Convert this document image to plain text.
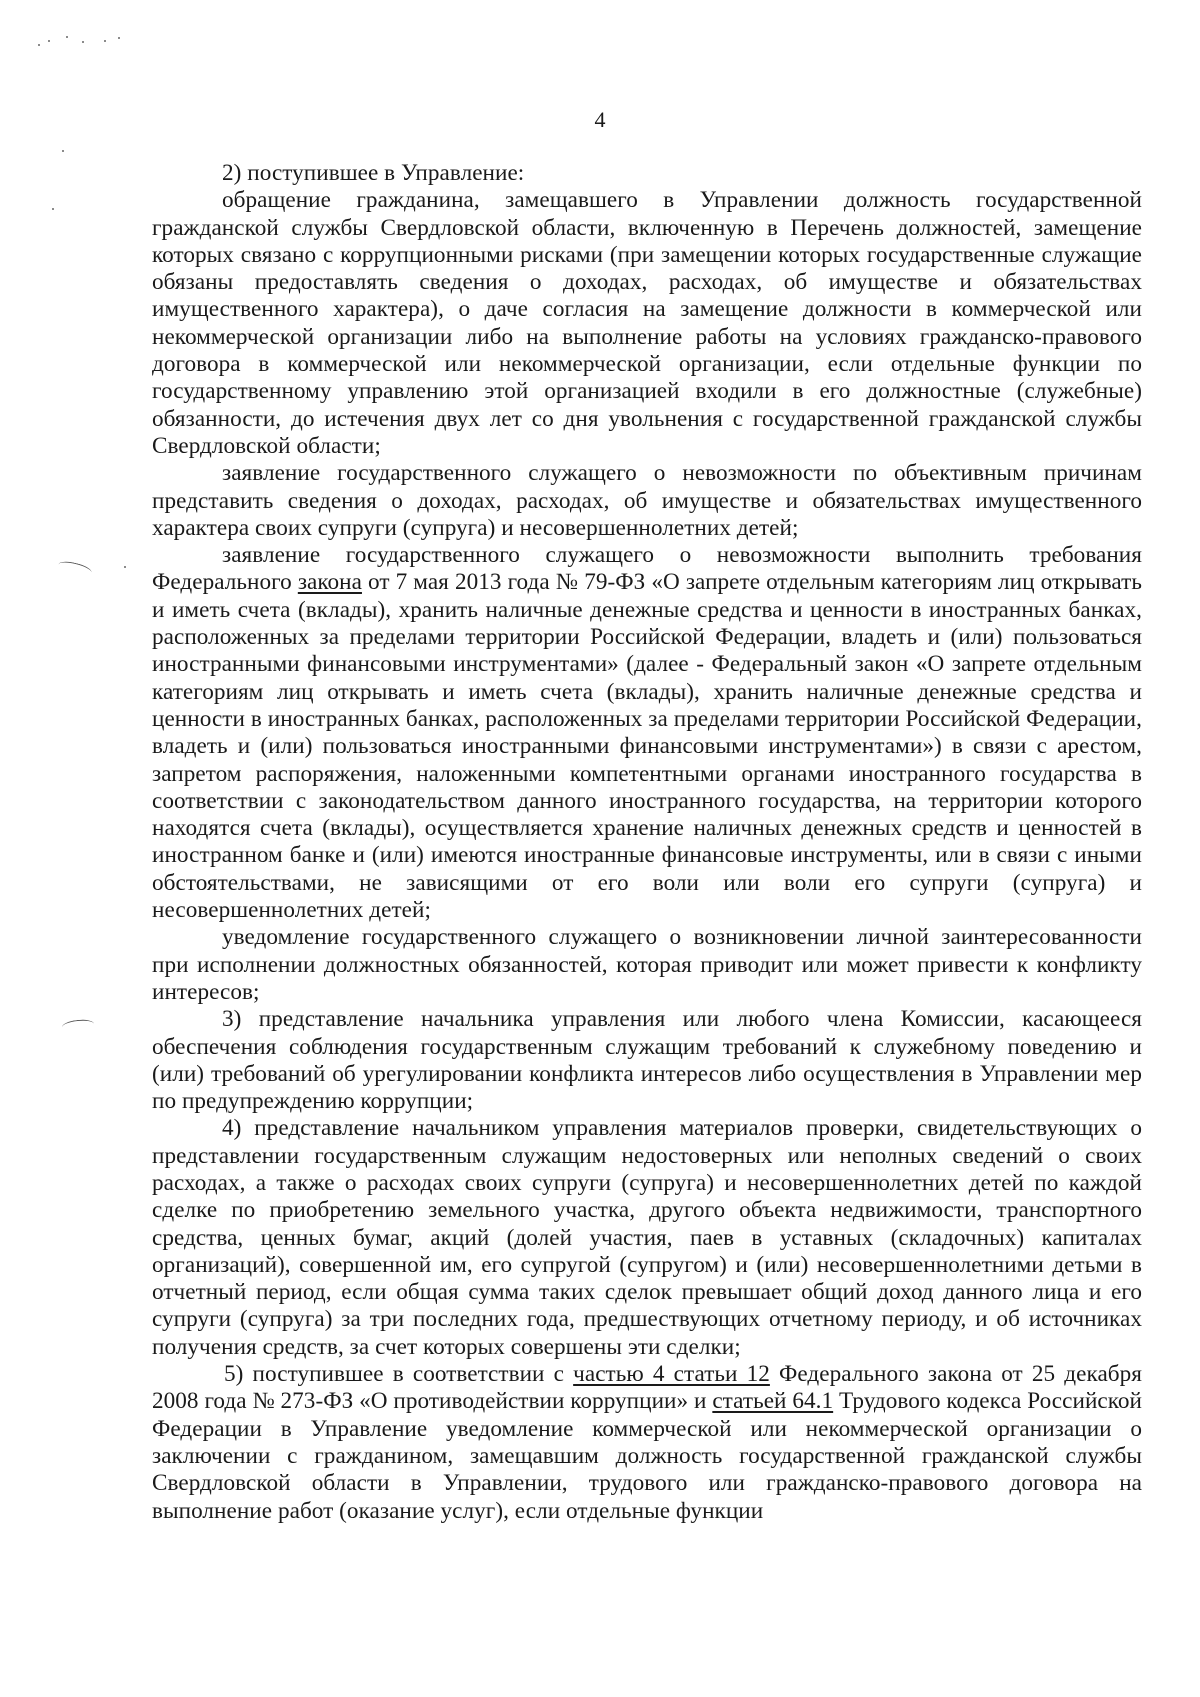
4

2) поступившее в Управление:

обращение гражданина, замещавшего в Управлении должность государственной гражданской службы Свердловской области, включенную в Перечень должностей, замещение которых связано с коррупционными рисками (при замещении которых государственные служащие обязаны предоставлять сведения о доходах, расходах, об имуществе и обязательствах имущественного характера), о даче согласия на замещение должности в коммерческой или некоммерческой организации либо на выполнение работы на условиях гражданско-правового договора в коммерческой или некоммерческой организации, если отдельные функции по государственному управлению этой организацией входили в его должностные (служебные) обязанности, до истечения двух лет со дня увольнения с государственной гражданской службы Свердловской области;

заявление государственного служащего о невозможности по объективным причинам представить сведения о доходах, расходах, об имуществе и обязательствах имущественного характера своих супруги (супруга) и несовершеннолетних детей;

заявление государственного служащего о невозможности выполнить требования Федерального закона от 7 мая 2013 года № 79-ФЗ «О запрете отдельным категориям лиц открывать и иметь счета (вклады), хранить наличные денежные средства и ценности в иностранных банках, расположенных за пределами территории Российской Федерации, владеть и (или) пользоваться иностранными финансовыми инструментами» (далее - Федеральный закон «О запрете отдельным категориям лиц открывать и иметь счета (вклады), хранить наличные денежные средства и ценности в иностранных банках, расположенных за пределами территории Российской Федерации, владеть и (или) пользоваться иностранными финансовыми инструментами») в связи с арестом, запретом распоряжения, наложенными компетентными органами иностранного государства в соответствии с законодательством данного иностранного государства, на территории которого находятся счета (вклады), осуществляется хранение наличных денежных средств и ценностей в иностранном банке и (или) имеются иностранные финансовые инструменты, или в связи с иными обстоятельствами, не зависящими от его воли или воли его супруги (супруга) и несовершеннолетних детей;

уведомление государственного служащего о возникновении личной заинтересованности при исполнении должностных обязанностей, которая приводит или может привести к конфликту интересов;

3) представление начальника управления или любого члена Комиссии, касающееся обеспечения соблюдения государственным служащим требований к служебному поведению и (или) требований об урегулировании конфликта интересов либо осуществления в Управлении мер по предупреждению коррупции;

4) представление начальником управления материалов проверки, свидетельствующих о представлении государственным служащим недостоверных или неполных сведений о своих расходах, а также о расходах своих супруги (супруга) и несовершеннолетних детей по каждой сделке по приобретению земельного участка, другого объекта недвижимости, транспортного средства, ценных бумаг, акций (долей участия, паев в уставных (складочных) капиталах организаций), совершенной им, его супругой (супругом) и (или) несовершеннолетними детьми в отчетный период, если общая сумма таких сделок превышает общий доход данного лица и его супруги (супруга) за три последних года, предшествующих отчетному периоду, и об источниках получения средств, за счет которых совершены эти сделки;

5) поступившее в соответствии с частью 4 статьи 12 Федерального закона от 25 декабря 2008 года № 273-ФЗ «О противодействии коррупции» и статьей 64.1 Трудового кодекса Российской Федерации в Управление уведомление коммерческой или некоммерческой организации о заключении с гражданином, замещавшим должность государственной гражданской службы Свердловской области в Управлении, трудового или гражданско-правового договора на выполнение работ (оказание услуг), если отдельные функции
